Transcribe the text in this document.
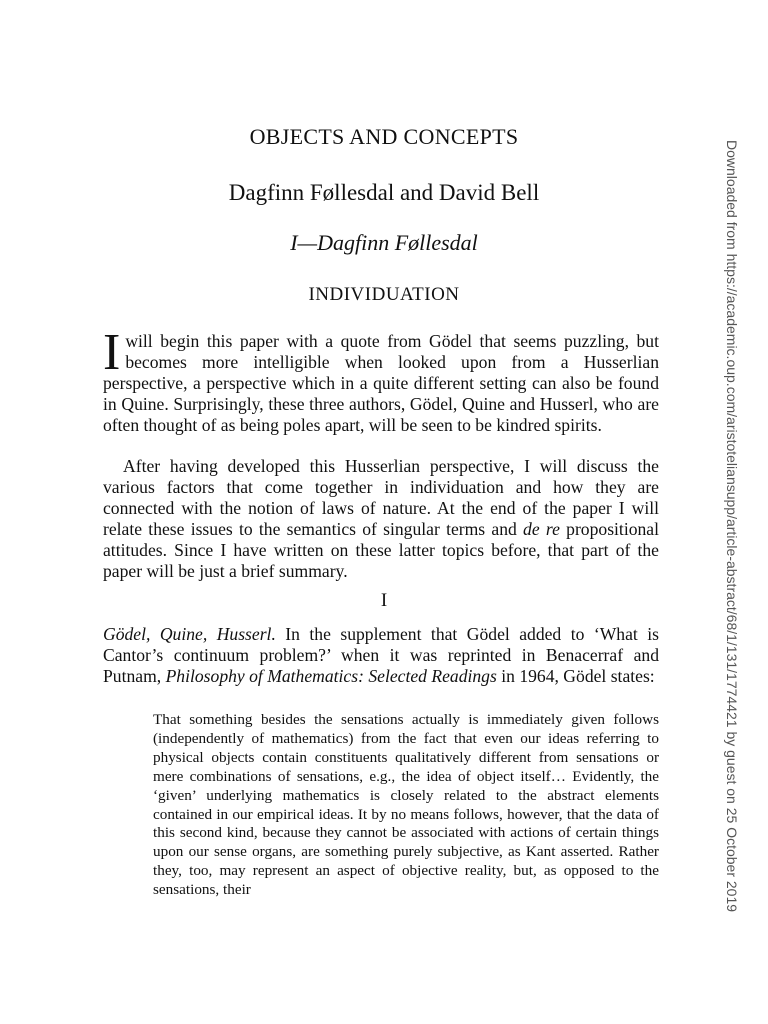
OBJECTS AND CONCEPTS
Dagfinn Føllesdal and David Bell
I—Dagfinn Føllesdal
INDIVIDUATION
I will begin this paper with a quote from Gödel that seems puzzling, but becomes more intelligible when looked upon from a Husserlian perspective, a perspective which in a quite different setting can also be found in Quine. Surprisingly, these three authors, Gödel, Quine and Husserl, who are often thought of as being poles apart, will be seen to be kindred spirits.
After having developed this Husserlian perspective, I will discuss the various factors that come together in individuation and how they are connected with the notion of laws of nature. At the end of the paper I will relate these issues to the semantics of singular terms and de re propositional attitudes. Since I have written on these latter topics before, that part of the paper will be just a brief summary.
I
Gödel, Quine, Husserl. In the supplement that Gödel added to ‘What is Cantor’s continuum problem?’ when it was reprinted in Benacerraf and Putnam, Philosophy of Mathematics: Selected Readings in 1964, Gödel states:
That something besides the sensations actually is immediately given follows (independently of mathematics) from the fact that even our ideas referring to physical objects contain constituents qualitatively different from sensations or mere combinations of sensations, e.g., the idea of object itself… Evidently, the ‘given’ underlying mathematics is closely related to the abstract elements contained in our empirical ideas. It by no means follows, however, that the data of this second kind, because they cannot be associated with actions of certain things upon our sense organs, are something purely subjective, as Kant asserted. Rather they, too, may represent an aspect of objective reality, but, as opposed to the sensations, their	Downloaded from https://academic.oup.com/aristoteliansupp/article-abstract/68/1/131/1774421 by guest on 25 October 2019
